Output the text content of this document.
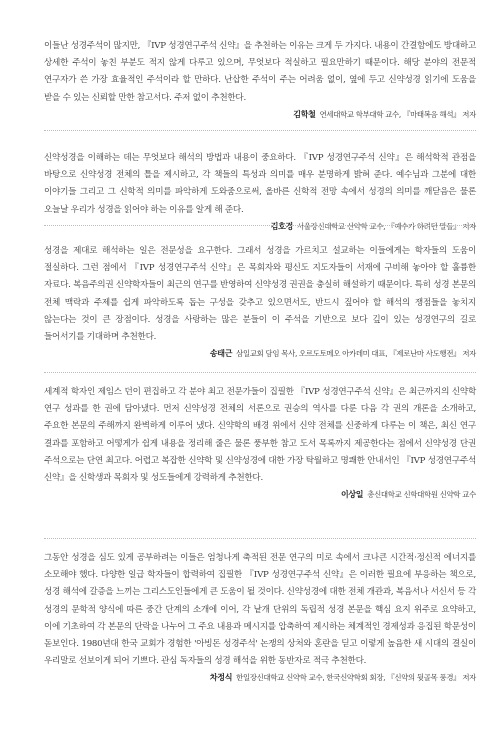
이들난 성경주석이 많지만, 『IVP 성경연구주석 신약』을 추천하는 이유는 크게 두 가지다. 내용이 간결함에도 방대하고 상세한 주석이 놓친 부분도 적지 않게 다루고 있으며, 무엇보다 적실하고 필요만하기 때문이다. 해당 분야의 전문적 연구자가 쓴 가장 효율적인 주석이라 할 만하다. 난삽한 주석이 주는 어려움 없이, 옆에 두고 신약성경 읽기에 도움을 받을 수 있는 신뢰할 만한 참고서다. 주저 없이 추천한다.

김학철 연세대학교 학부대학 교수, 『마태복음 해석』 저자

신약성경을 이해하는 데는 무엇보다 해석의 방법과 내용이 중요하다. 『IVP 성경연구주석 신약』은 해석학적 관점을 바탕으로 신약성경 전체의 틀을 제시하고, 각 책들의 특성과 의미를 매우 분명하게 밝혀 준다. 예수님과 그분에 대한 이야기들 그리고 그 신학적 의미를 파악하게 도와줌으로써, 올바른 신학적 전망 속에서 성경의 의미를 깨닫음은 물론 오늘날 우리가 성경을 읽어야 하는 이유를 알게 해 준다.

김호경 서울장신대학교 신약학 교수, 『예수가 하려던 말들』 저자

성경을 제대로 해석하는 일은 전문성을 요구한다. 그래서 성경을 가르치고 설교하는 이들에게는 학자들의 도움이 절실하다. 그런 점에서 『IVP 성경연구주석 신약』은 목회자와 평신도 지도자들이 서재에 구비해 놓아야 할 훌륭한 자료다. 복음주의권 신약학자들이 최근의 연구를 반영하여 신약성경 권권을 충실히 해설하기 때문이다. 특히 성경 본문의 전체 맥락과 주제를 쉽게 파악하도록 돕는 구성을 갖추고 있으면서도, 반드시 짚어야 할 해석의 쟁점들을 놓치지 않는다는 것이 큰 장점이다. 성경을 사랑하는 많은 분들이 이 주석을 기반으로 보다 깊이 있는 성경연구의 길로 들어서기를 기대하며 추천한다.

송태근 삼일교회 담임 목사, 오르도토메오 아카데미 대표, 『제로난마 사도행전』 저자

세계적 학자인 제임스 던이 편집하고 각 분야 최고 전문가들이 집필한 『IVP 성경연구주석 신약』은 최근까지의 신약학 연구 성과를 한 권에 담아냈다. 먼저 신약성경 전체의 서론으로 권승의 역사를 다룬 다음 각 권의 개론을 소개하고, 주요한 본문의 주해까지 완벽하게 이루어 냈다. 신약학의 배경 위에서 신약 전체를 신중하게 다루는 이 책은, 최신 연구 결과를 포함하고 어떻게가 쉽게 내용을 정리해 줄은 물론 풍부한 참고 도서 목록까지 제공한다는 점에서 신약성경 단권 주석으로는 단연 최고다. 어렵고 복잡한 신약학 및 신약성경에 대한 가장 탁월하고 명쾌한 안내서인 『IVP 성경연구주석 신약』을 신학생과 목회자 및 성도들에게 강력하게 추천한다.

이상일 총신대학교 신학대학원 신약학 교수

그동안 성경을 심도 있게 공부하려는 이들은 엄청나게 축적된 전문 연구의 미로 속에서 크나큰 시간적·정신적 에너지를 소모해야 했다. 다양한 일급 학자들이 합력하여 집필한 『IVP 성경연구주석 신약』은 이러한 필요에 부응하는 책으로, 성경 해석에 갈증을 느끼는 그리스도인들에게 큰 도움이 될 것이다. 신약성경에 대한 전체 개관과, 복음서나 서신서 등 각 성경의 문학적 양식에 따른 중간 단계의 소개에 이어, 각 낱개 단위의 독립적 성경 본문을 핵심 요지 위주로 요약하고, 이에 기초하여 각 본문의 단락을 나누어 그 주요 내용과 메시지를 압축하여 제시하는 체계적인 경제성과 응집된 학문성이 돋보인다. 1980년대 한국 교회가 경험한 '아빙돈 성경주석' 논쟁의 상처와 혼란을 딛고 이렇게 높음한 새 시대의 결실이 우리말로 선보이게 되어 기쁘다. 관심 독자들의 성경 해석을 위한 동반자로 적극 추천한다.

차정식 한일장신대학교 신약학 교수, 한국신약학회 회장, 『신약의 뒷골목 풍경』 저자
